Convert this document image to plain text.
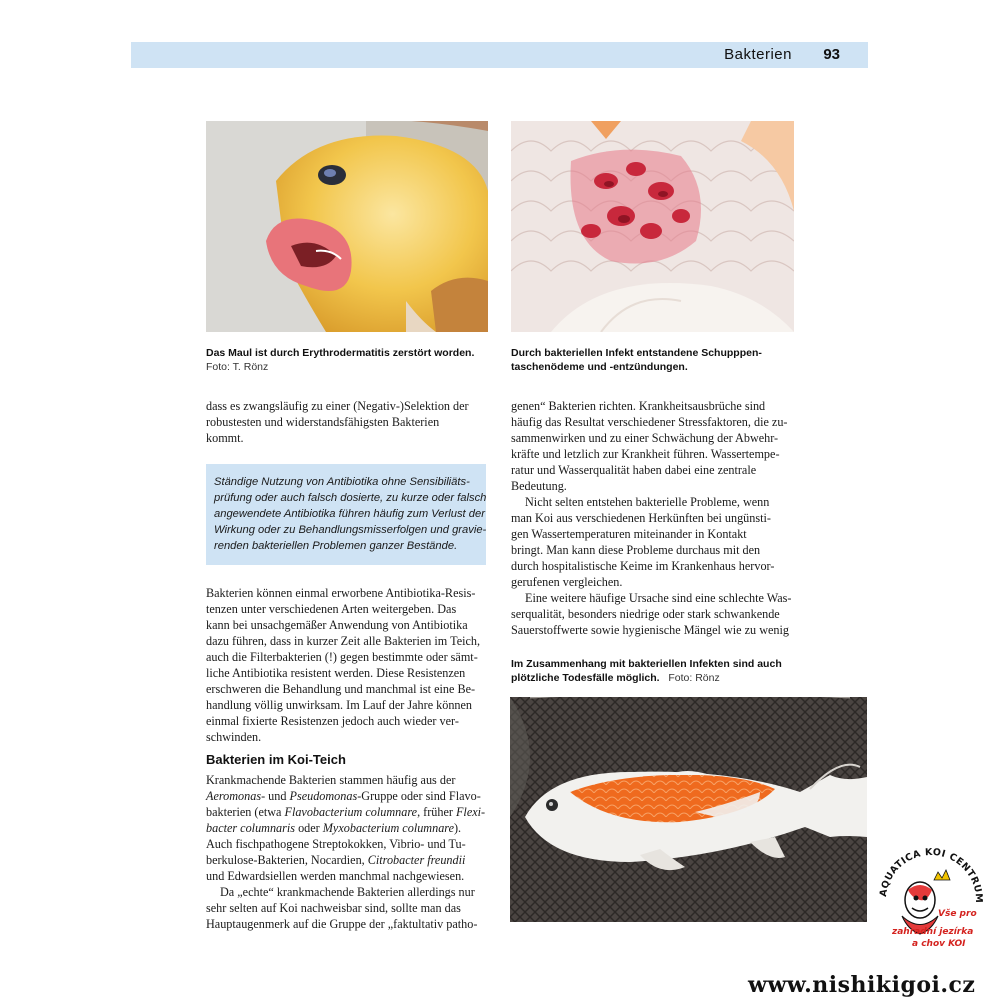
Bakterien 93
Das Maul ist durch Erythrodermatitis zerstört worden.
Foto: T. Rönz
Durch bakteriellen Infekt entstandene Schupppen-
taschenödeme und -entzündungen.
dass es zwangsläufig zu einer (Negativ-)Selektion der
robustesten und widerstandsfähigsten Bakterien
kommt.
Ständige Nutzung von Antibiotika ohne Sensibiliäts-
prüfung oder auch falsch dosierte, zu kurze oder falsch
angewendete Antibiotika führen häufig zum Verlust der
Wirkung oder zu Behandlungsmisserfolgen und gravie-
renden bakteriellen Problemen ganzer Bestände.
Bakterien können einmal erworbene Antibiotika-Resis-
tenzen unter verschiedenen Arten weitergeben. Das
kann bei unsachgemäßer Anwendung von Antibiotika
dazu führen, dass in kurzer Zeit alle Bakterien im Teich,
auch die Filterbakterien (!) gegen bestimmte oder sämt-
liche Antibiotika resistent werden. Diese Resistenzen
erschweren die Behandlung und manchmal ist eine Be-
handlung völlig unwirksam. Im Lauf der Jahre können
einmal fixierte Resistenzen jedoch auch wieder ver-
schwinden.
Bakterien im Koi-Teich
Krankmachende Bakterien stammen häufig aus der
Aeromonas- und Pseudomonas-Gruppe oder sind Flavo-
bakterien (etwa Flavobacterium columnare, früher Flexi-
bacter columnaris oder Myxobacterium columnare).
Auch fischpathogene Streptokokken, Vibrio- und Tu-
berkulose-Bakterien, Nocardien, Citrobacter freundii
und Edwardsiellen werden manchmal nachgewiesen.
Da „echte“ krankmachende Bakterien allerdings nur
sehr selten auf Koi nachweisbar sind, sollte man das
Hauptaugenmerk auf die Gruppe der „faktultativ patho-
genen“ Bakterien richten. Krankheitsausbrüche sind
häufig das Resultat verschiedener Stressfaktoren, die zu-
sammenwirken und zu einer Schwächung der Abwehr-
kräfte und letzlich zur Krankheit führen. Wassertempe-
ratur und Wasserqualität haben dabei eine zentrale
Bedeutung.
Nicht selten entstehen bakterielle Probleme, wenn
man Koi aus verschiedenen Herkünften bei ungünsti-
gen Wassertemperaturen miteinander in Kontakt
bringt. Man kann diese Probleme durchaus mit den
durch hospitalistische Keime im Krankenhaus hervor-
gerufenen vergleichen.
Eine weitere häufige Ursache sind eine schlechte Was-
serqualität, besonders niedrige oder stark schwankende
Sauerstoffwerte sowie hygienische Mängel wie zu wenig
Im Zusammenhang mit bakteriellen Infekten sind auch
plötzliche Todesfälle möglich. Foto: Rönz
AQUATICA KOI CENTRUM
Vše pro
zahradní jezírka
a chov KOI
www.nishikigoi.cz
